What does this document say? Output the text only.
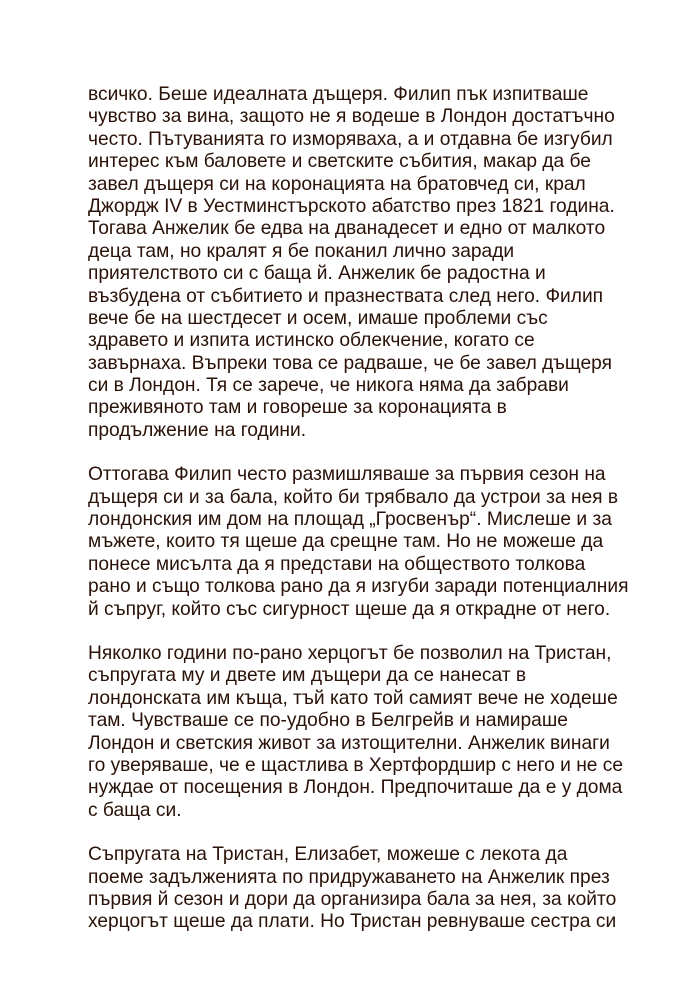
всичко. Беше идеалната дъщеря. Филип пък изпитваше
чувство за вина, защото не я водеше в Лондон достатъчно
често. Пътуванията го изморяваха, а и отдавна бе изгубил
интерес към баловете и светските събития, макар да бе
завел дъщеря си на коронацията на братовчед си, крал
Джордж IV в Уестминстърското абатство през 1821 година.
Тогава Анжелик бе едва на дванадесет и едно от малкото
деца там, но кралят я бе поканил лично заради
приятелството си с баща й. Анжелик бе радостна и
възбудена от събитието и празнествата след него. Филип
вече бе на шестдесет и осем, имаше проблеми със
здравето и изпита истинско облекчение, когато се
завърнаха. Въпреки това се радваше, че бе завел дъщеря
си в Лондон. Тя се зарече, че никога няма да забрави
преживяното там и говореше за коронацията в
продължение на години.
Оттогава Филип често размишляваше за първия сезон на
дъщеря си и за бала, който би трябвало да устрои за нея в
лондонския им дом на площад „Гросвенър“. Мислеше и за
мъжете, които тя щеше да срещне там. Но не можеше да
понесе мисълта да я представи на обществото толкова
рано и също толкова рано да я изгуби заради потенциалния
й съпруг, който със сигурност щеше да я открадне от него.
Няколко години по-рано херцогът бе позволил на Тристан,
съпругата му и двете им дъщери да се нанесат в
лондонската им къща, тъй като той самият вече не ходеше
там. Чувстваше се по-удобно в Белгрейв и намираше
Лондон и светския живот за изтощителни. Анжелик винаги
го уверяваше, че е щастлива в Хертфордшир с него и не се
нуждае от посещения в Лондон. Предпочиташе да е у дома
с баща си.
Съпругата на Тристан, Елизабет, можеше с лекота да
поеме задълженията по придружаването на Анжелик през
първия й сезон и дори да организира бала за нея, за който
херцогът щеше да плати. Но Тристан ревнуваше сестра си
